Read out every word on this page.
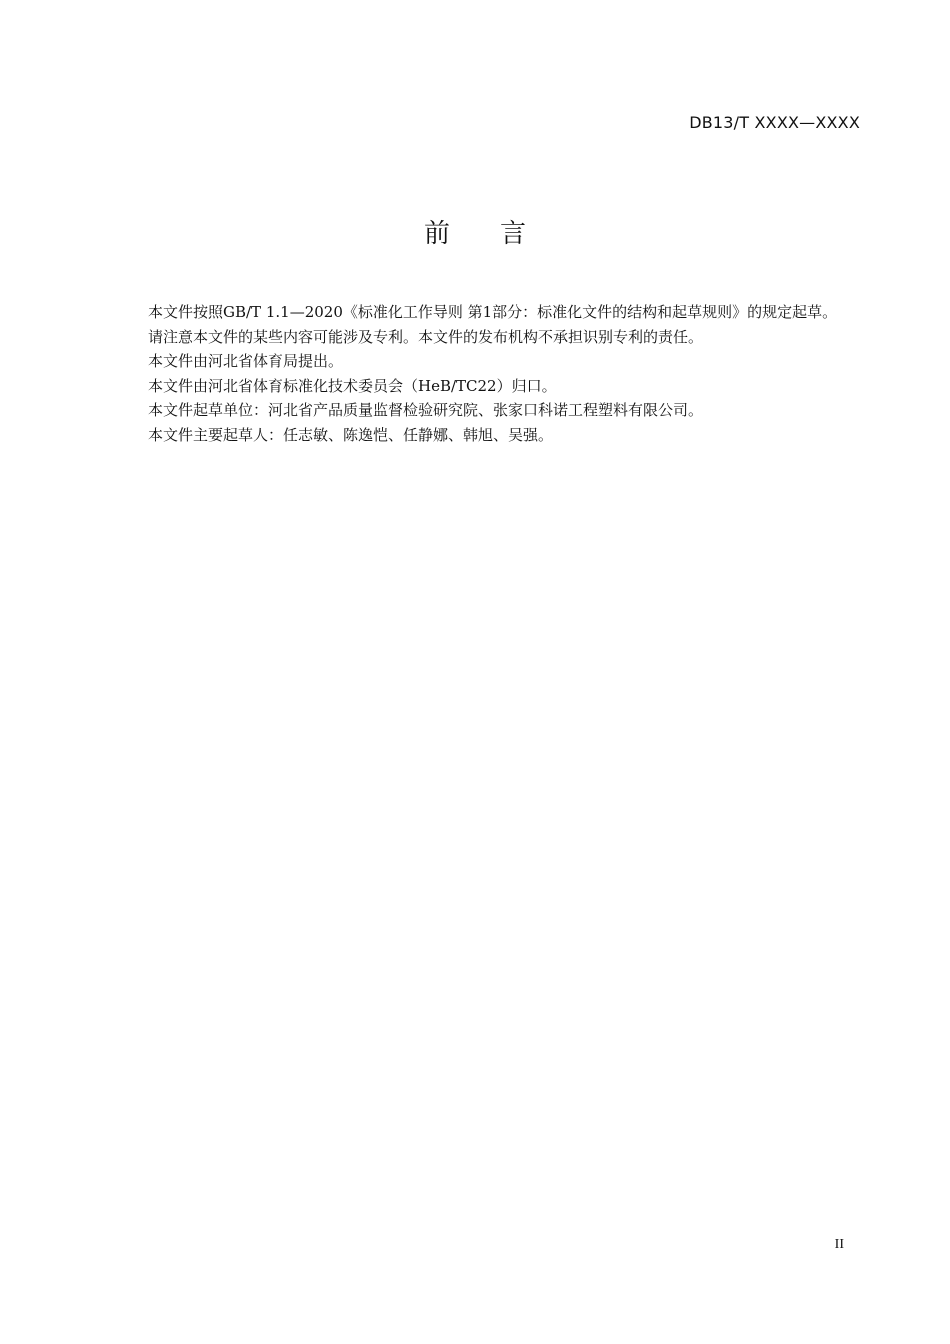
DB13/T XXXX—XXXX
前言

本文件按照GB/T 1.1—2020《标准化工作导则 第1部分：标准化文件的结构和起草规则》的规定起草。

请注意本文件的某些内容可能涉及专利。本文件的发布机构不承担识别专利的责任。

本文件由河北省体育局提出。

本文件由河北省体育标准化技术委员会（HeB/TC22）归口。

本文件起草单位：河北省产品质量监督检验研究院、张家口科诺工程塑料有限公司。

本文件主要起草人：任志敏、陈逸恺、任静娜、韩旭、吴强。

II
